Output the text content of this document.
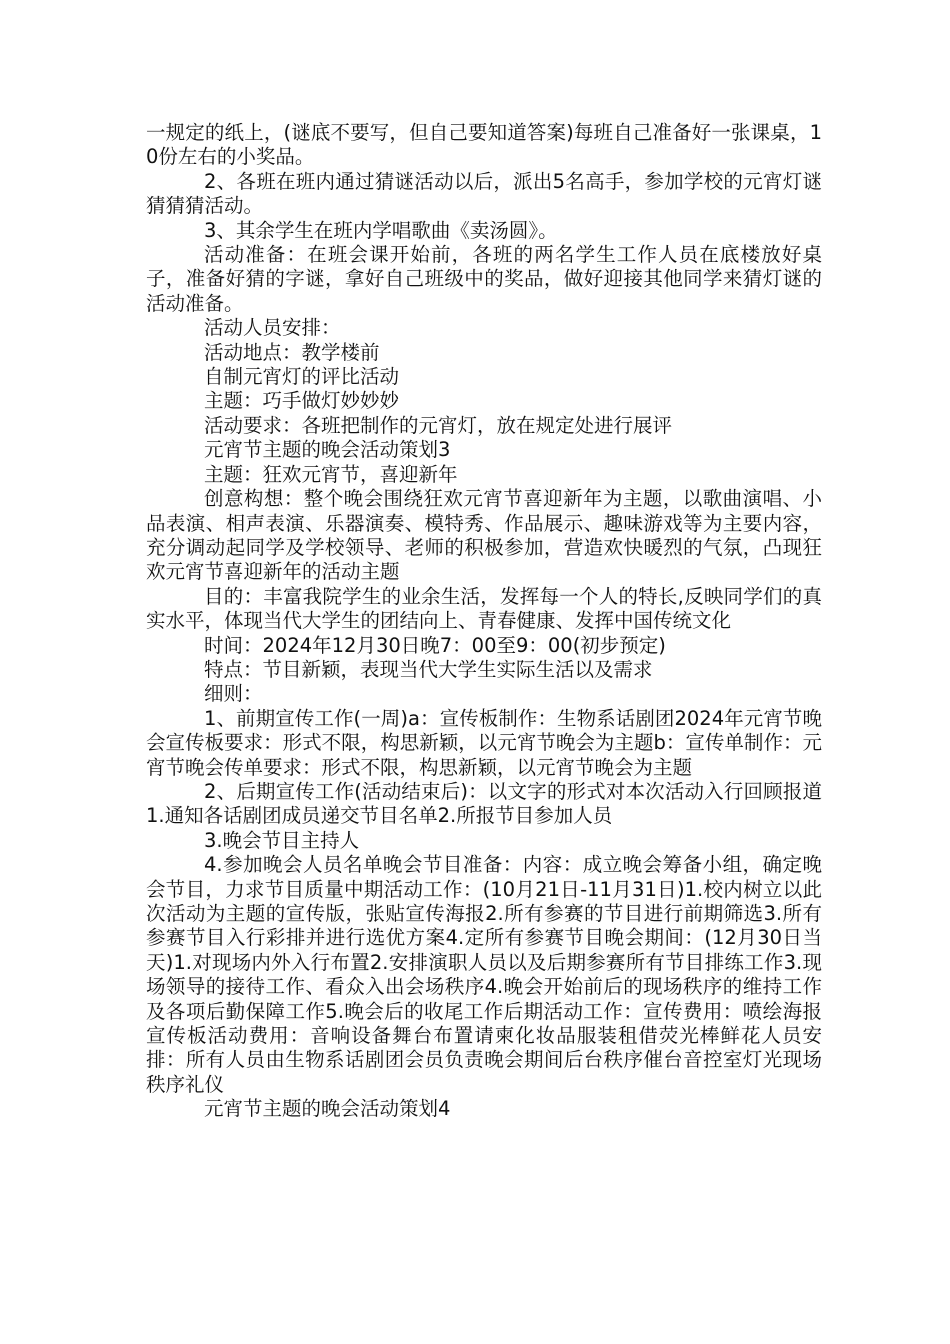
一规定的纸上，(谜底不要写，但自己要知道答案)每班自己准备好一张课桌，10份左右的小奖品。

2、各班在班内通过猜谜活动以后，派出5名高手，参加学校的元宵灯谜猜猜猜活动。

3、其余学生在班内学唱歌曲《卖汤圆》。

活动准备：在班会课开始前，各班的两名学生工作人员在底楼放好桌子，准备好猜的字谜，拿好自己班级中的奖品，做好迎接其他同学来猜灯谜的活动准备。

活动人员安排：

活动地点：教学楼前

自制元宵灯的评比活动

主题：巧手做灯妙妙妙

活动要求：各班把制作的元宵灯，放在规定处进行展评

元宵节主题的晚会活动策划3

主题：狂欢元宵节，喜迎新年

创意构想：整个晚会围绕狂欢元宵节喜迎新年为主题，以歌曲演唱、小品表演、相声表演、乐器演奏、模特秀、作品展示、趣味游戏等为主要内容，充分调动起同学及学校领导、老师的积极参加，营造欢快暖烈的气氛，凸现狂欢元宵节喜迎新年的活动主题

目的：丰富我院学生的业余生活，发挥每一个人的特长,反映同学们的真实水平，体现当代大学生的团结向上、青春健康、发挥中国传统文化

时间：2024年12月30日晚7：00至9：00(初步预定)

特点：节目新颖，表现当代大学生实际生活以及需求

细则：

1、前期宣传工作(一周)a：宣传板制作：生物系话剧团2024年元宵节晚会宣传板要求：形式不限，构思新颖，以元宵节晚会为主题b：宣传单制作：元宵节晚会传单要求：形式不限，构思新颖，以元宵节晚会为主题

2、后期宣传工作(活动结束后)：以文字的形式对本次活动入行回顾报道1.通知各话剧团成员递交节目名单2.所报节目参加人员

3.晚会节目主持人

4.参加晚会人员名单晚会节目准备：内容：成立晚会筹备小组，确定晚会节目，力求节目质量中期活动工作：(10月21日-11月31日)1.校内树立以此次活动为主题的宣传版，张贴宣传海报2.所有参赛的节目进行前期筛选3.所有参赛节目入行彩排并进行选优方案4.定所有参赛节目晚会期间：(12月30日当天)1.对现场内外入行布置2.安排演职人员以及后期参赛所有节目排练工作3.现场领导的接待工作、看众入出会场秩序4.晚会开始前后的现场秩序的维持工作及各项后勤保障工作5.晚会后的收尾工作后期活动工作：宣传费用：喷绘海报宣传板活动费用：音响设备舞台布置请柬化妆品服装租借荧光棒鲜花人员安排：所有人员由生物系话剧团会员负责晚会期间后台秩序催台音控室灯光现场秩序礼仪

元宵节主题的晚会活动策划4
